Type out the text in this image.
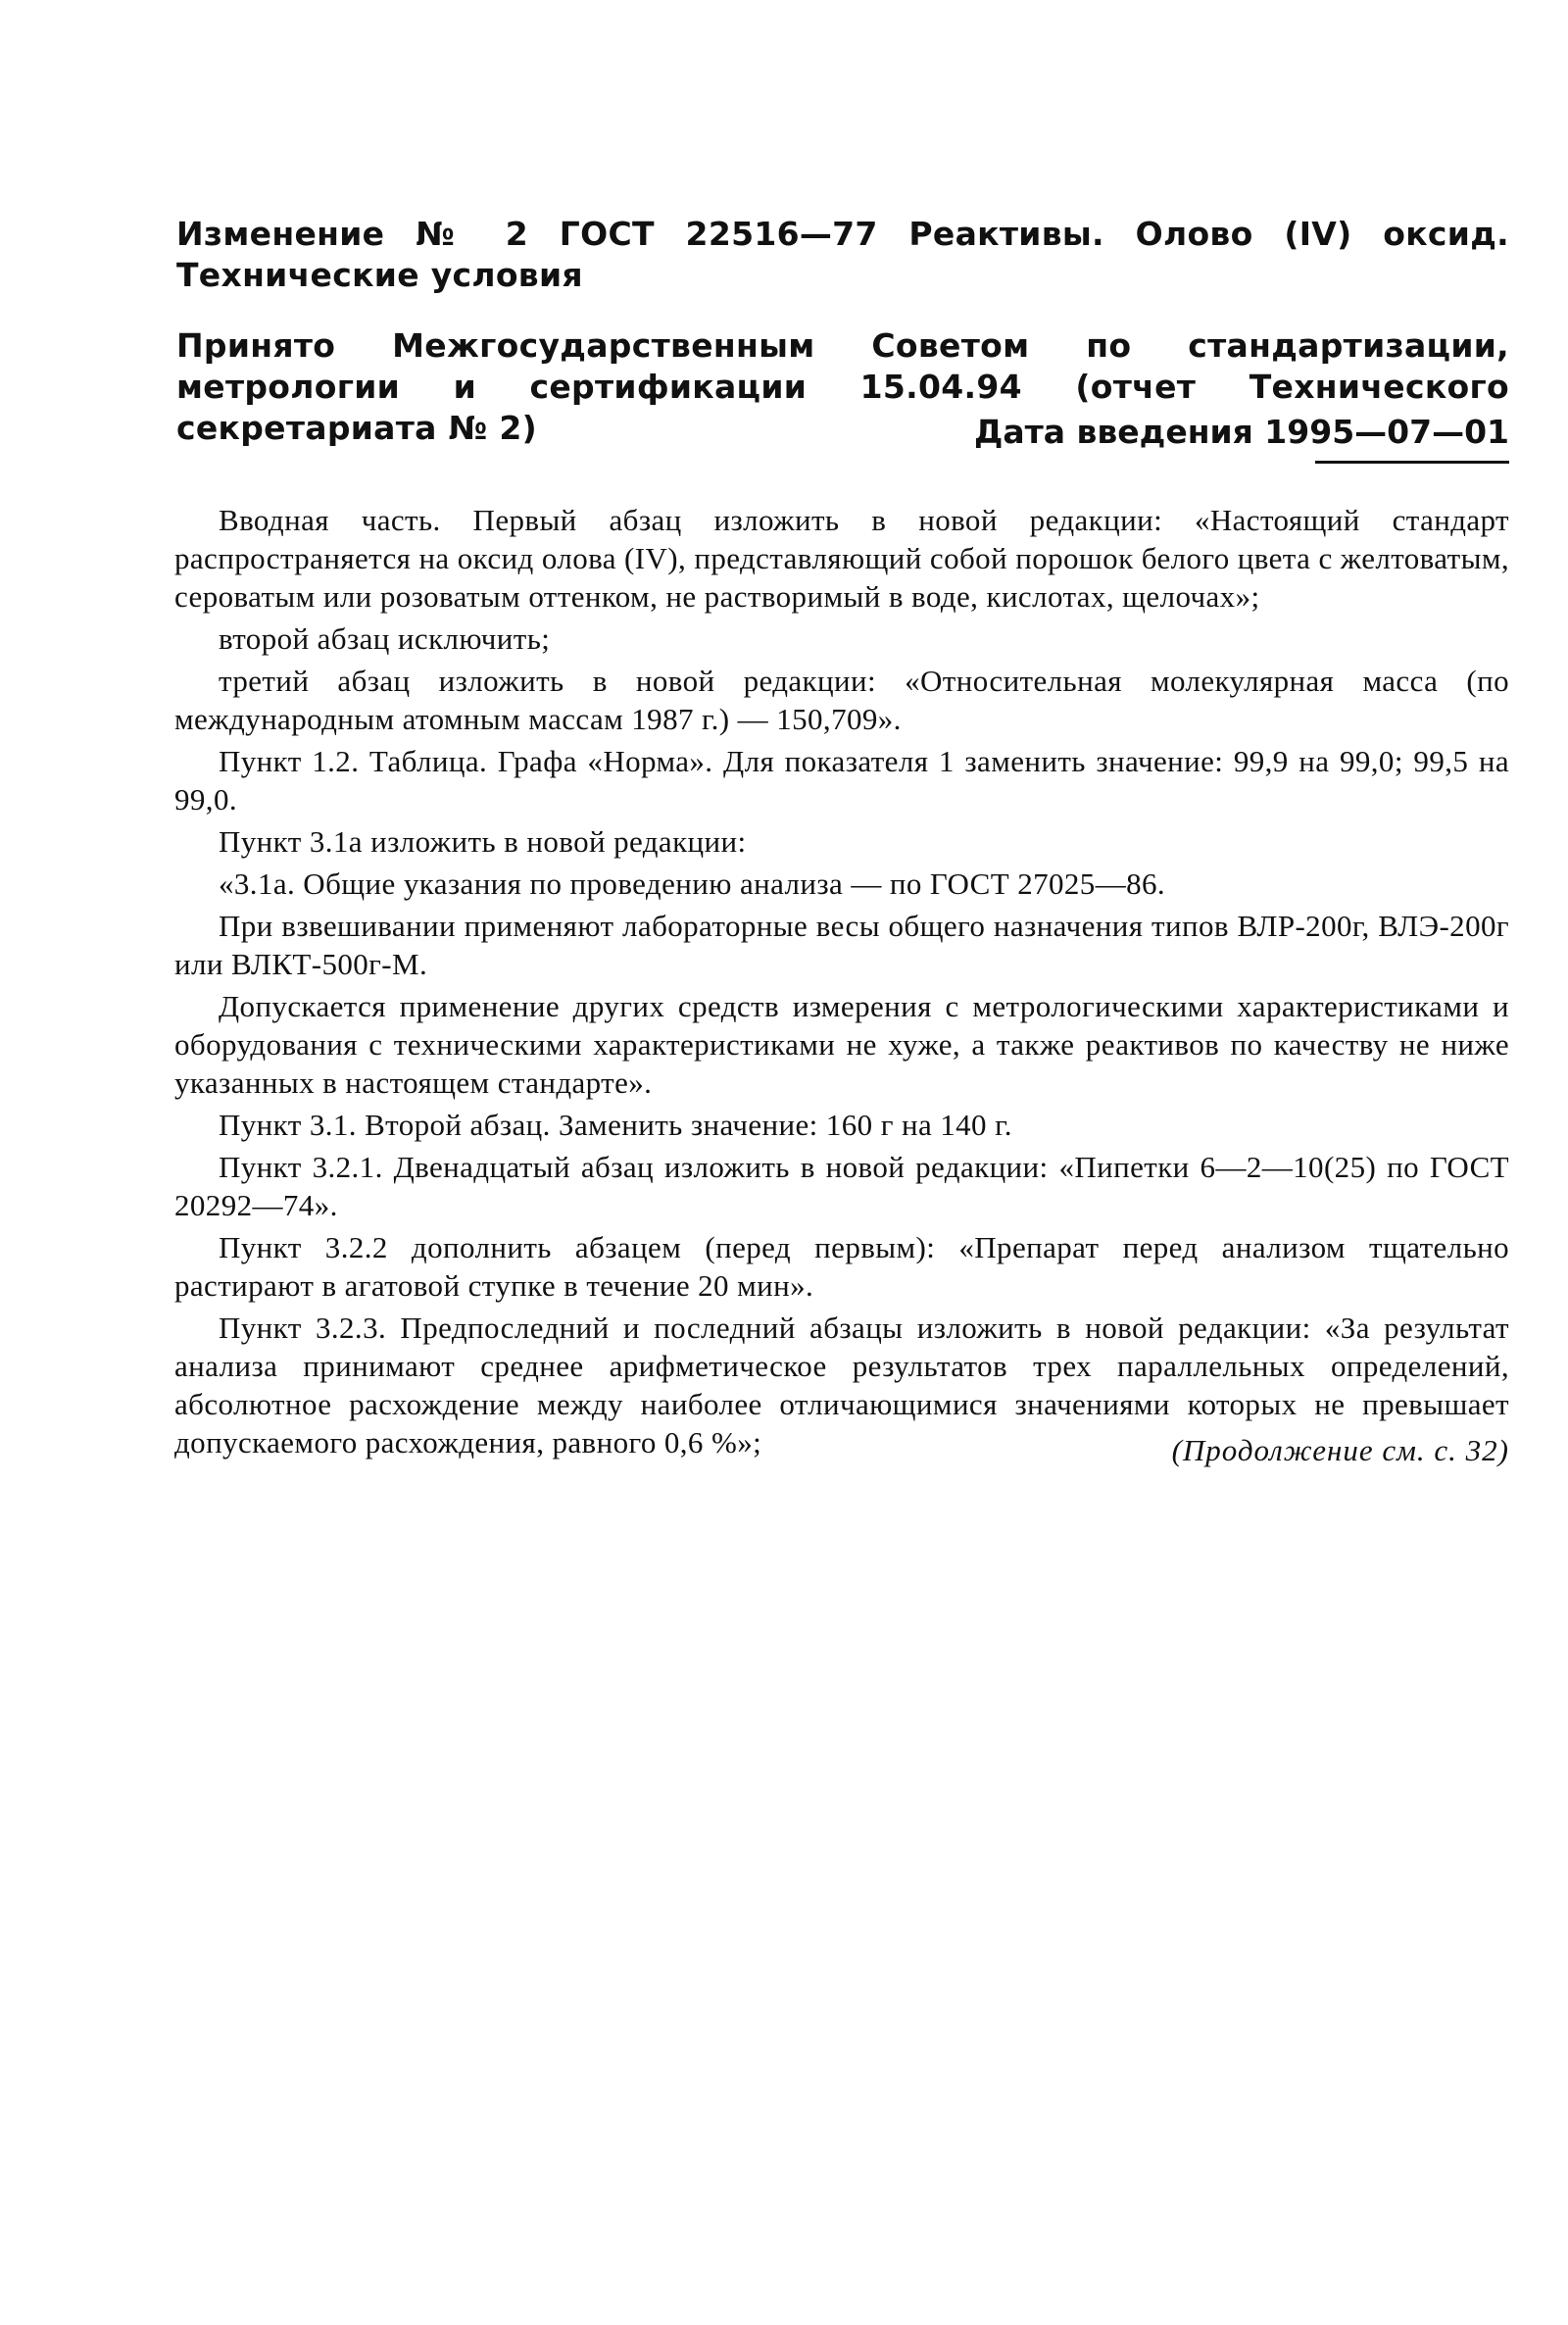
Изменение № 2 ГОСТ 22516—77 Реактивы. Олово (IV) оксид. Технические условия

Принято Межгосударственным Советом по стандартизации, метрологии и сертификации 15.04.94 (отчет Технического секретариата № 2)	Дата введения 1995—07—01

Вводная часть. Первый абзац изложить в новой редакции: «Настоящий стандарт распространяется на оксид олова (IV), представляющий собой порошок белого цвета с желтоватым, сероватым или розоватым оттенком, не растворимый в воде, кислотах, щелочах»;

второй абзац исключить;

третий абзац изложить в новой редакции: «Относительная молекулярная масса (по международным атомным массам 1987 г.) — 150,709».

Пункт 1.2. Таблица. Графа «Норма». Для показателя 1 заменить значение: 99,9 на 99,0; 99,5 на 99,0.

Пункт 3.1а изложить в новой редакции:

«3.1а. Общие указания по проведению анализа — по ГОСТ 27025—86.

При взвешивании применяют лабораторные весы общего назначения типов ВЛР-200г, ВЛЭ-200г или ВЛКТ-500г-М.

Допускается применение других средств измерения с метрологическими характеристиками и оборудования с техническими характеристиками не хуже, а также реактивов по качеству не ниже указанных в настоящем стандарте».

Пункт 3.1. Второй абзац. Заменить значение: 160 г на 140 г.

Пункт 3.2.1. Двенадцатый абзац изложить в новой редакции: «Пипетки 6—2—10(25) по ГОСТ 20292—74».

Пункт 3.2.2 дополнить абзацем (перед первым): «Препарат перед анализом тщательно растирают в агатовой ступке в течение 20 мин».

Пункт 3.2.3. Предпоследний и последний абзацы изложить в новой редакции: «За результат анализа принимают среднее арифметическое результатов трех параллельных определений, абсолютное расхождение между наиболее отличающимися значениями которых не превышает допускаемого расхождения, равного 0,6 %»;	(Продолжение см. с. 32)
